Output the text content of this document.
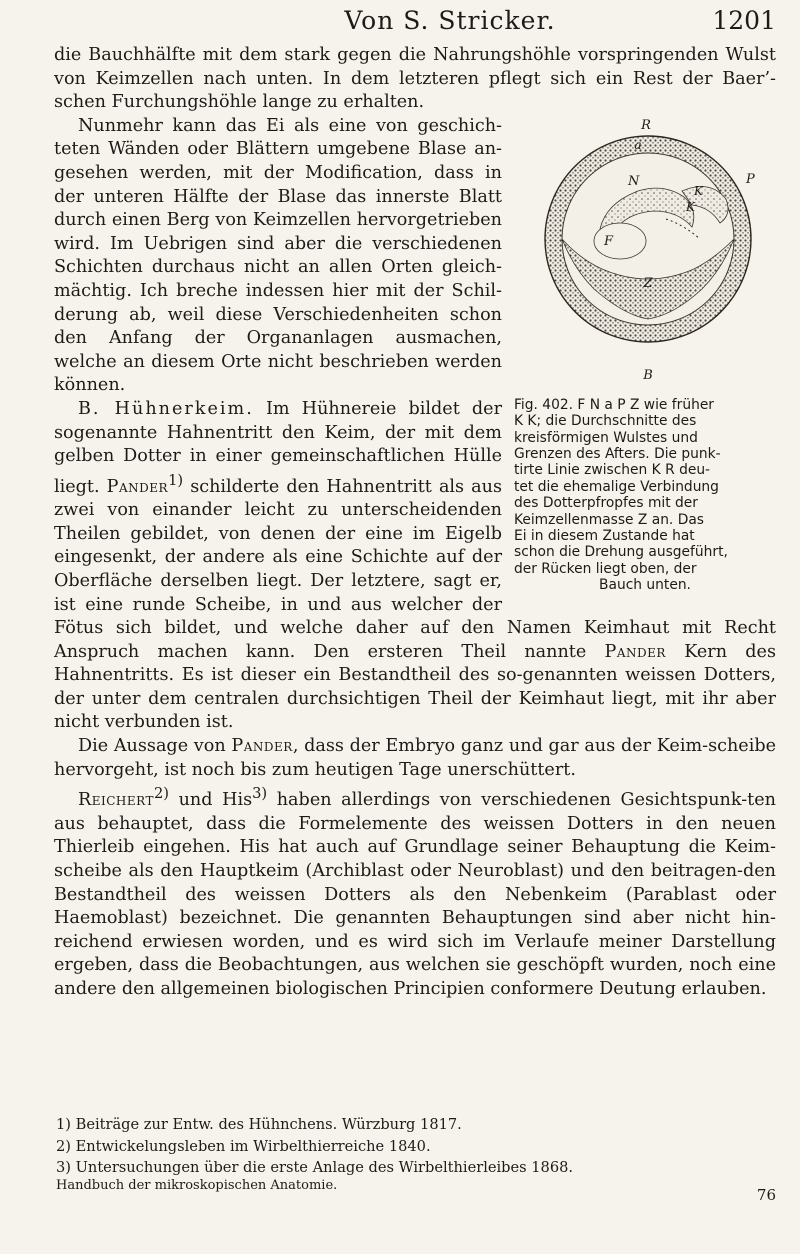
Von S. Stricker.	1201

die Bauchhälfte mit dem stark gegen die Nahrungshöhle vorspringenden Wulst von Keimzellen nach unten. In dem letzteren pflegt sich ein Rest der Baer’-schen Furchungshöhle lange zu erhalten.

R
a
N	P
K
K
F
Z
B
Fig. 402. F N a P Z wie früher
K K; die Durchschnitte des
kreisförmigen Wulstes und
Grenzen des Afters. Die punk-
tirte Linie zwischen K R deu-
tet die ehemalige Verbindung
des Dotterpfropfes mit der
Keimzellenmasse Z an. Das
Ei in diesem Zustande hat
schon die Drehung ausgeführt,
der Rücken liegt oben, der
Bauch unten.

Nunmehr kann das Ei als eine von geschich-teten Wänden oder Blättern umgebene Blase an-gesehen werden, mit der Modification, dass in der unteren Hälfte der Blase das innerste Blatt durch einen Berg von Keimzellen hervorgetrieben wird. Im Uebrigen sind aber die verschiedenen Schichten durchaus nicht an allen Orten gleich-mächtig. Ich breche indessen hier mit der Schil-derung ab, weil diese Verschiedenheiten schon den Anfang der Organanlagen ausmachen, welche an diesem Orte nicht beschrieben werden können.

B. Hühnerkeim. Im Hühnereie bildet der sogenannte Hahnentritt den Keim, der mit dem gelben Dotter in einer gemeinschaftlichen Hülle liegt. Pander$^{1)}$ schilderte den Hahnentritt als aus zwei von einander leicht zu unterscheidenden Theilen gebildet, von denen der eine im Eigelb eingesenkt, der andere als eine Schichte auf der Oberfläche derselben liegt. Der letztere, sagt er, ist eine runde Scheibe, in und aus welcher der Fötus sich bildet, und welche daher auf den Namen Keimhaut mit Recht Anspruch machen kann. Den ersteren Theil nannte Pander Kern des Hahnentritts. Es ist dieser ein Bestandtheil des so-genannten weissen Dotters, der unter dem centralen durchsichtigen Theil der Keimhaut liegt, mit ihr aber nicht verbunden ist.

Die Aussage von Pander, dass der Embryo ganz und gar aus der Keim-scheibe hervorgeht, ist noch bis zum heutigen Tage unerschüttert.

Reichert$^{2)}$ und His$^{3)}$ haben allerdings von verschiedenen Gesichtspunk-ten aus behauptet, dass die Formelemente des weissen Dotters in den neuen Thierleib eingehen. His hat auch auf Grundlage seiner Behauptung die Keim-scheibe als den Hauptkeim (Archiblast oder Neuroblast) und den beitragen-den Bestandtheil des weissen Dotters als den Nebenkeim (Parablast oder Haemoblast) bezeichnet. Die genannten Behauptungen sind aber nicht hin-reichend erwiesen worden, und es wird sich im Verlaufe meiner Darstellung ergeben, dass die Beobachtungen, aus welchen sie geschöpft wurden, noch eine andere den allgemeinen biologischen Principien conformere Deutung erlauben.

1) Beiträge zur Entw. des Hühnchens. Würzburg 1817.
2) Entwickelungsleben im Wirbelthierreiche 1840.
3) Untersuchungen über die erste Anlage des Wirbelthierleibes 1868.
Handbuch der mikroskopischen Anatomie.
76
